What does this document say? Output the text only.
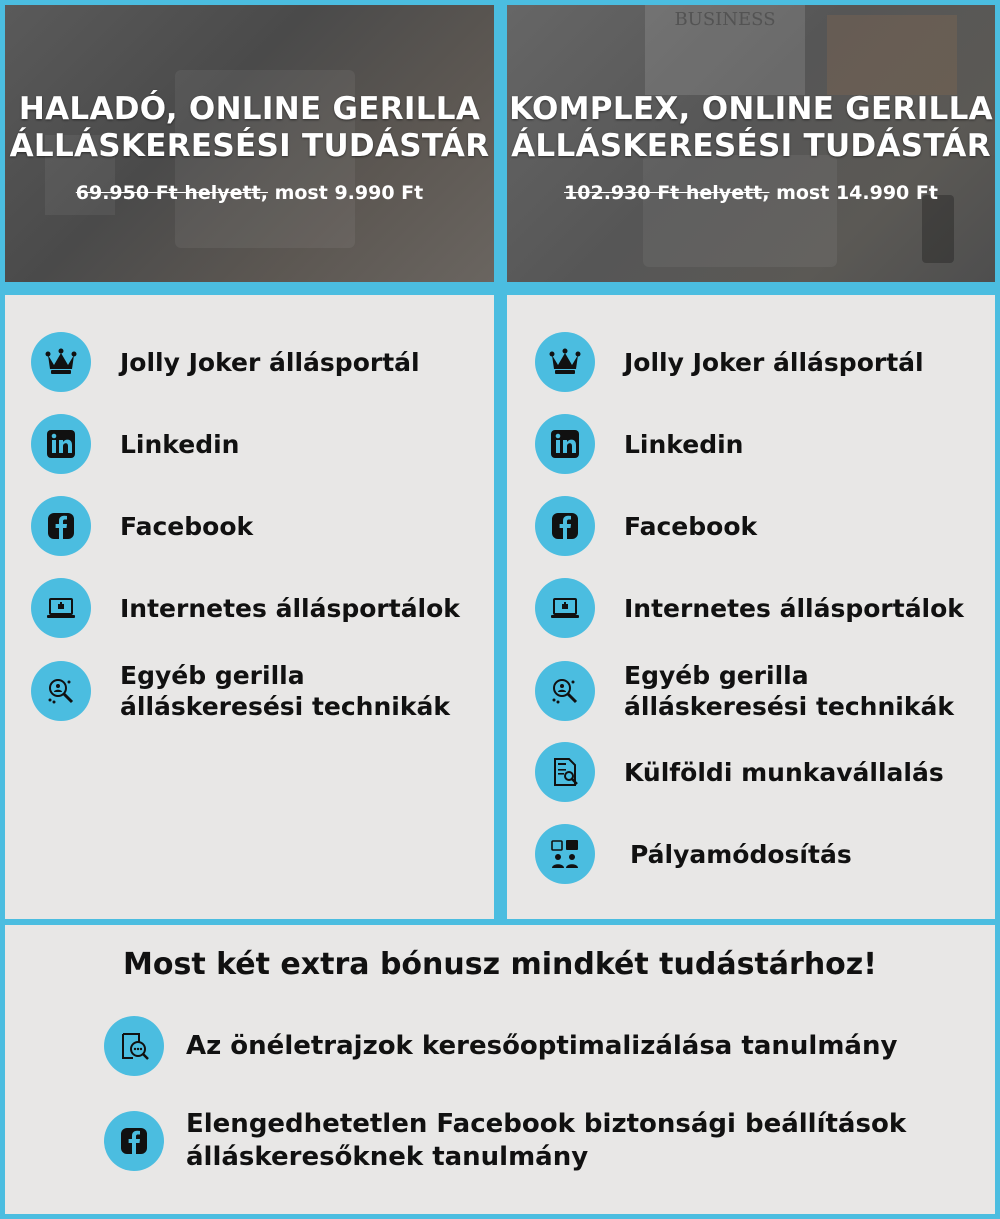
HALADÓ, ONLINE GERILLA
ÁLLÁSKERESÉSI TUDÁSTÁR
69.950 Ft helyett, most 9.990 Ft
BUSINESS
KOMPLEX, ONLINE GERILLA
ÁLLÁSKERESÉSI TUDÁSTÁR
102.930 Ft helyett, most 14.990 Ft
Jolly Joker állásportál
Linkedin
Facebook
Internetes állásportálok
Egyéb gerilla
álláskeresési technikák
Jolly Joker állásportál
Linkedin
Facebook
Internetes állásportálok
Egyéb gerilla
álláskeresési technikák
Külföldi munkavállalás
Pályamódosítás
Most két extra bónusz mindkét tudástárhoz!
Az önéletrajzok keresőoptimalizálása tanulmány
Elengedhetetlen Facebook biztonsági beállítások
álláskeresőknek tanulmány
